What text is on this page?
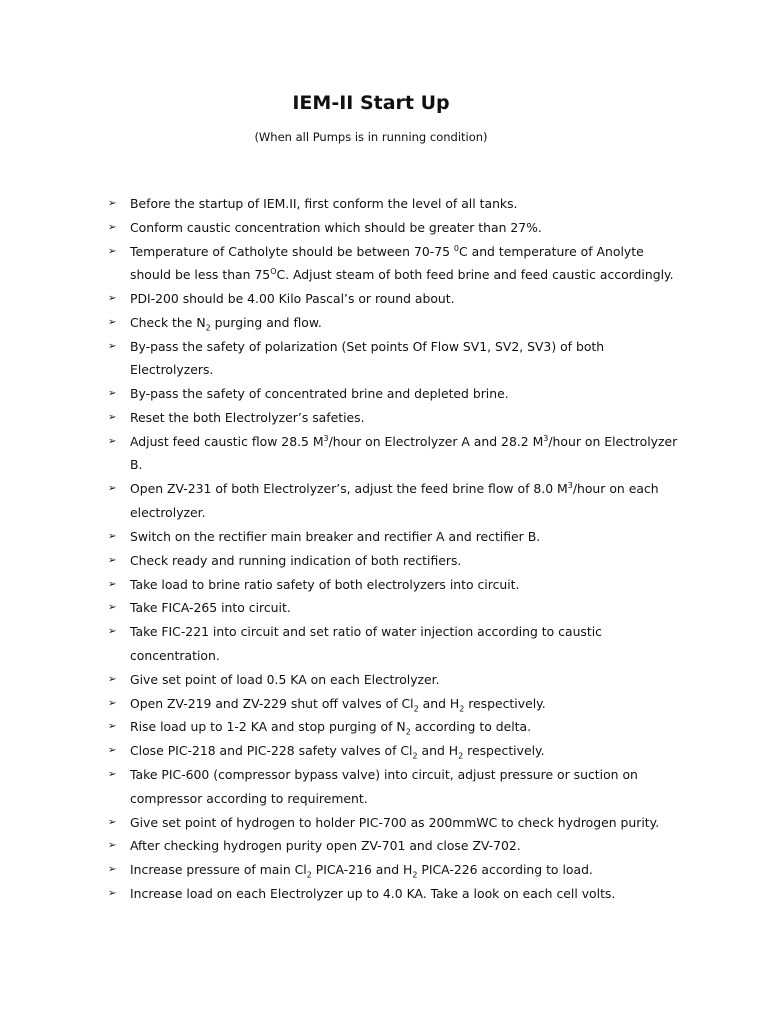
IEM-II Start Up

(When all Pumps is in running condition)

➢ Before the startup of IEM.II, first conform the level of all tanks.
➢ Conform caustic concentration which should be greater than 27%.
➢ Temperature of Catholyte should be between 70-75 $^0$C and temperature of Anolyte should be less than $75^OC$. Adjust steam of both feed brine and feed caustic accordingly.
➢ PDI-200 should be 4.00 Kilo Pascal’s or round about.
➢ Check the $N_2$ purging and flow.
➢ By-pass the safety of polarization (Set points Of Flow SV1, SV2, SV3) of both Electrolyzers.
➢ By-pass the safety of concentrated brine and depleted brine.
➢ Reset the both Electrolyzer’s safeties.
➢ Adjust feed caustic flow 28.5 $M^3$/hour on Electrolyzer A and 28.2 $M^3$/hour on Electrolyzer B.
➢ Open ZV-231 of both Electrolyzer’s, adjust the feed brine flow of 8.0 $M^3$/hour on each electrolyzer.
➢ Switch on the rectifier main breaker and rectifier A and rectifier B.
➢ Check ready and running indication of both rectifiers.
➢ Take load to brine ratio safety of both electrolyzers into circuit.
➢ Take FICA-265 into circuit.
➢ Take FIC-221 into circuit and set ratio of water injection according to caustic concentration.
➢ Give set point of load 0.5 KA on each Electrolyzer.
➢ Open ZV-219 and ZV-229 shut off valves of $Cl_2$ and $H_2$ respectively.
➢ Rise load up to 1-2 KA and stop purging of $N_2$ according to delta.
➢ Close PIC-218 and PIC-228 safety valves of $Cl_2$ and $H_2$ respectively.
➢ Take PIC-600 (compressor bypass valve) into circuit, adjust pressure or suction on compressor according to requirement.
➢ Give set point of hydrogen to holder PIC-700 as 200mmWC to check hydrogen purity.
➢ After checking hydrogen purity open ZV-701 and close ZV-702.
➢ Increase pressure of main $Cl_2$ PICA-216 and $H_2$ PICA-226 according to load.
➢ Increase load on each Electrolyzer up to 4.0 KA. Take a look on each cell volts.
